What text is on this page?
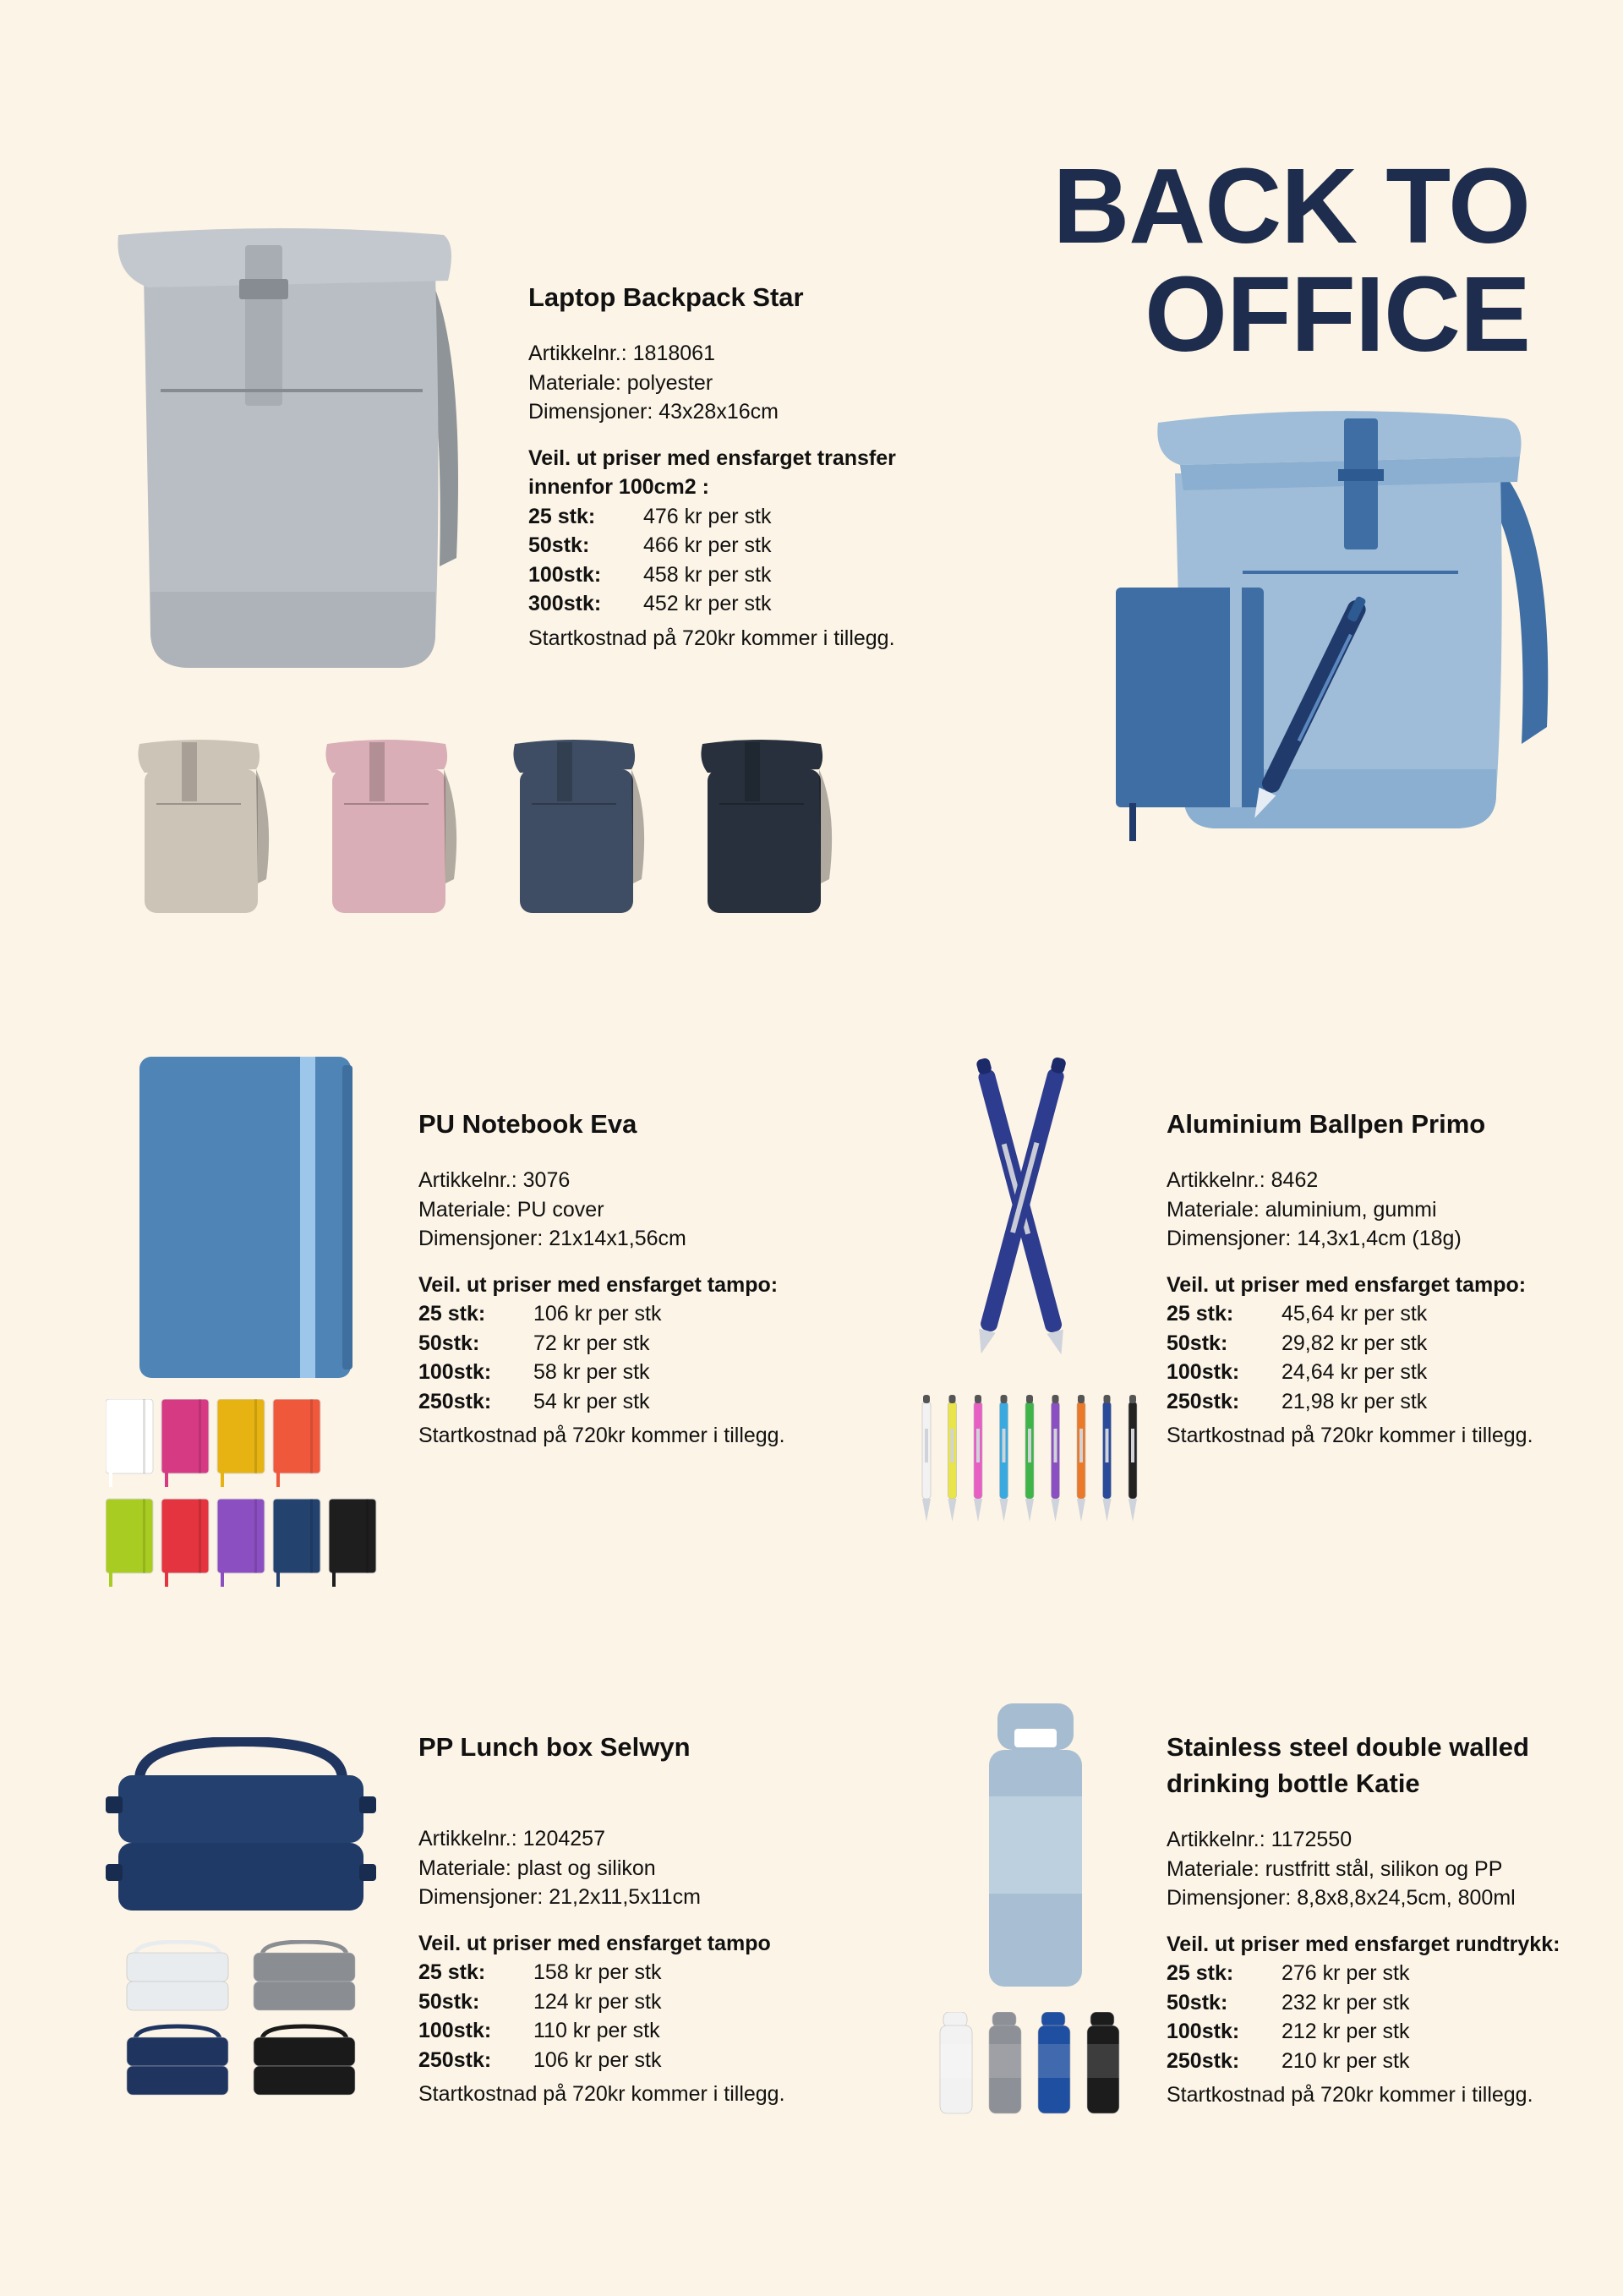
BACK TO
OFFICE
Laptop Backpack Star
Artikkelnr.: 1818061
Materiale: polyester
Dimensjoner: 43x28x16cm
Veil. ut priser med ensfarget transfer innenfor 100cm2 :
25 stk:	476 kr per stk
50stk:	466 kr per stk
100stk:	458 kr per stk
300stk:	452 kr per stk
Startkostnad på 720kr kommer i tillegg.
PU Notebook Eva
Artikkelnr.: 3076
Materiale: PU cover
Dimensjoner: 21x14x1,56cm
Veil. ut priser med ensfarget tampo:
25 stk:	106 kr per stk
50stk:	72 kr per stk
100stk:	58 kr per stk
250stk:	54 kr per stk
Startkostnad på 720kr kommer i tillegg.
Aluminium Ballpen Primo
Artikkelnr.: 8462
Materiale: aluminium, gummi
Dimensjoner: 14,3x1,4cm (18g)
Veil. ut priser med ensfarget tampo:
25 stk:	45,64 kr per stk
50stk:	29,82 kr per stk
100stk:	24,64 kr per stk
250stk:	21,98 kr per stk
Startkostnad på 720kr kommer i tillegg.
PP Lunch box Selwyn
Artikkelnr.: 1204257
Materiale: plast og silikon
Dimensjoner: 21,2x11,5x11cm
Veil. ut priser med ensfarget tampo
25 stk:	158 kr per stk
50stk:	124 kr per stk
100stk:	110 kr per stk
250stk:	106 kr per stk
Startkostnad på 720kr kommer i tillegg.
Stainless steel double walled drinking bottle Katie
Artikkelnr.: 1172550
Materiale: rustfritt stål, silikon og PP
Dimensjoner: 8,8x8,8x24,5cm, 800ml
Veil. ut priser med ensfarget rundtrykk:
25 stk:	276 kr per stk
50stk:	232 kr per stk
100stk:	212 kr per stk
250stk:	210 kr per stk
Startkostnad på 720kr kommer i tillegg.
